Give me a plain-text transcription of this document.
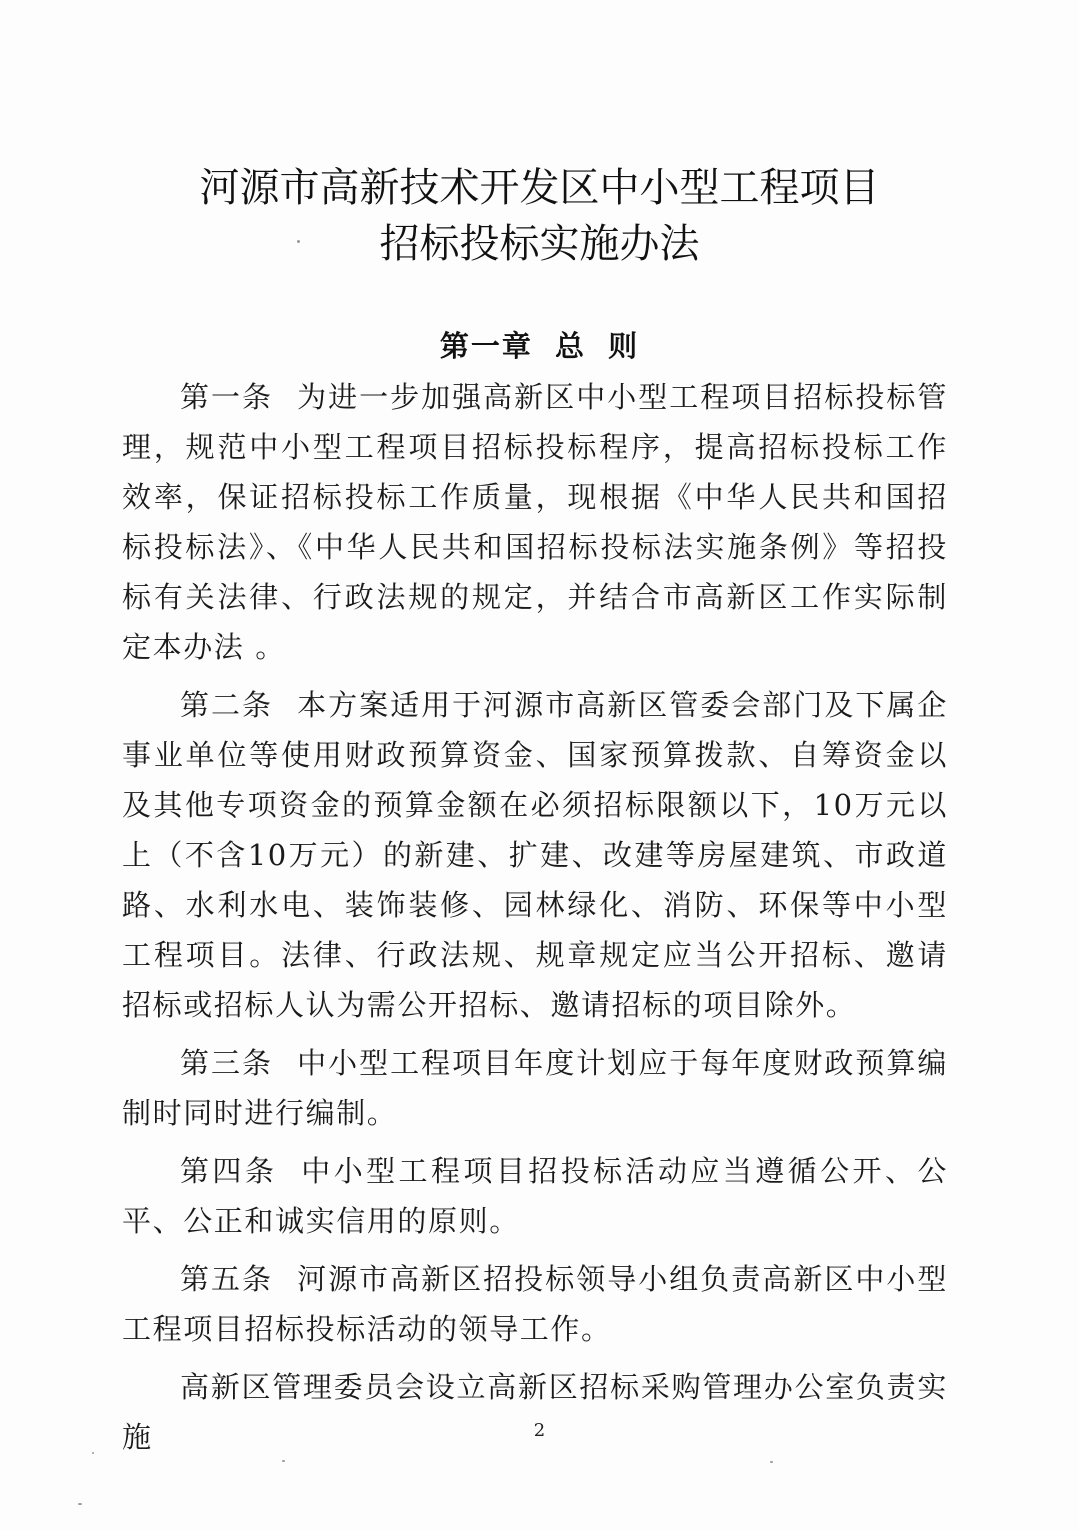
河源市高新技术开发区中小型工程项目
招标投标实施办法
第一章 总 则

第一条 为进一步加强高新区中小型工程项目招标投标管理，规范中小型工程项目招标投标程序，提高招标投标工作效率，保证招标投标工作质量，现根据《中华人民共和国招标投标法》、《中华人民共和国招标投标法实施条例》等招投标有关法律、行政法规的规定，并结合市高新区工作实际制定本办法 。

第二条 本方案适用于河源市高新区管委会部门及下属企事业单位等使用财政预算资金、国家预算拨款、自筹资金以及其他专项资金的预算金额在必须招标限额以下，10万元以上（不含10万元）的新建、扩建、改建等房屋建筑、市政道路、水利水电、装饰装修、园林绿化、消防、环保等中小型工程项目。法律、行政法规、规章规定应当公开招标、邀请招标或招标人认为需公开招标、邀请招标的项目除外。

第三条 中小型工程项目年度计划应于每年度财政预算编制时同时进行编制。

第四条 中小型工程项目招投标活动应当遵循公开、公平、公正和诚实信用的原则。

第五条 河源市高新区招投标领导小组负责高新区中小型工程项目招标投标活动的领导工作。

高新区管理委员会设立高新区招标采购管理办公室负责实施	2
